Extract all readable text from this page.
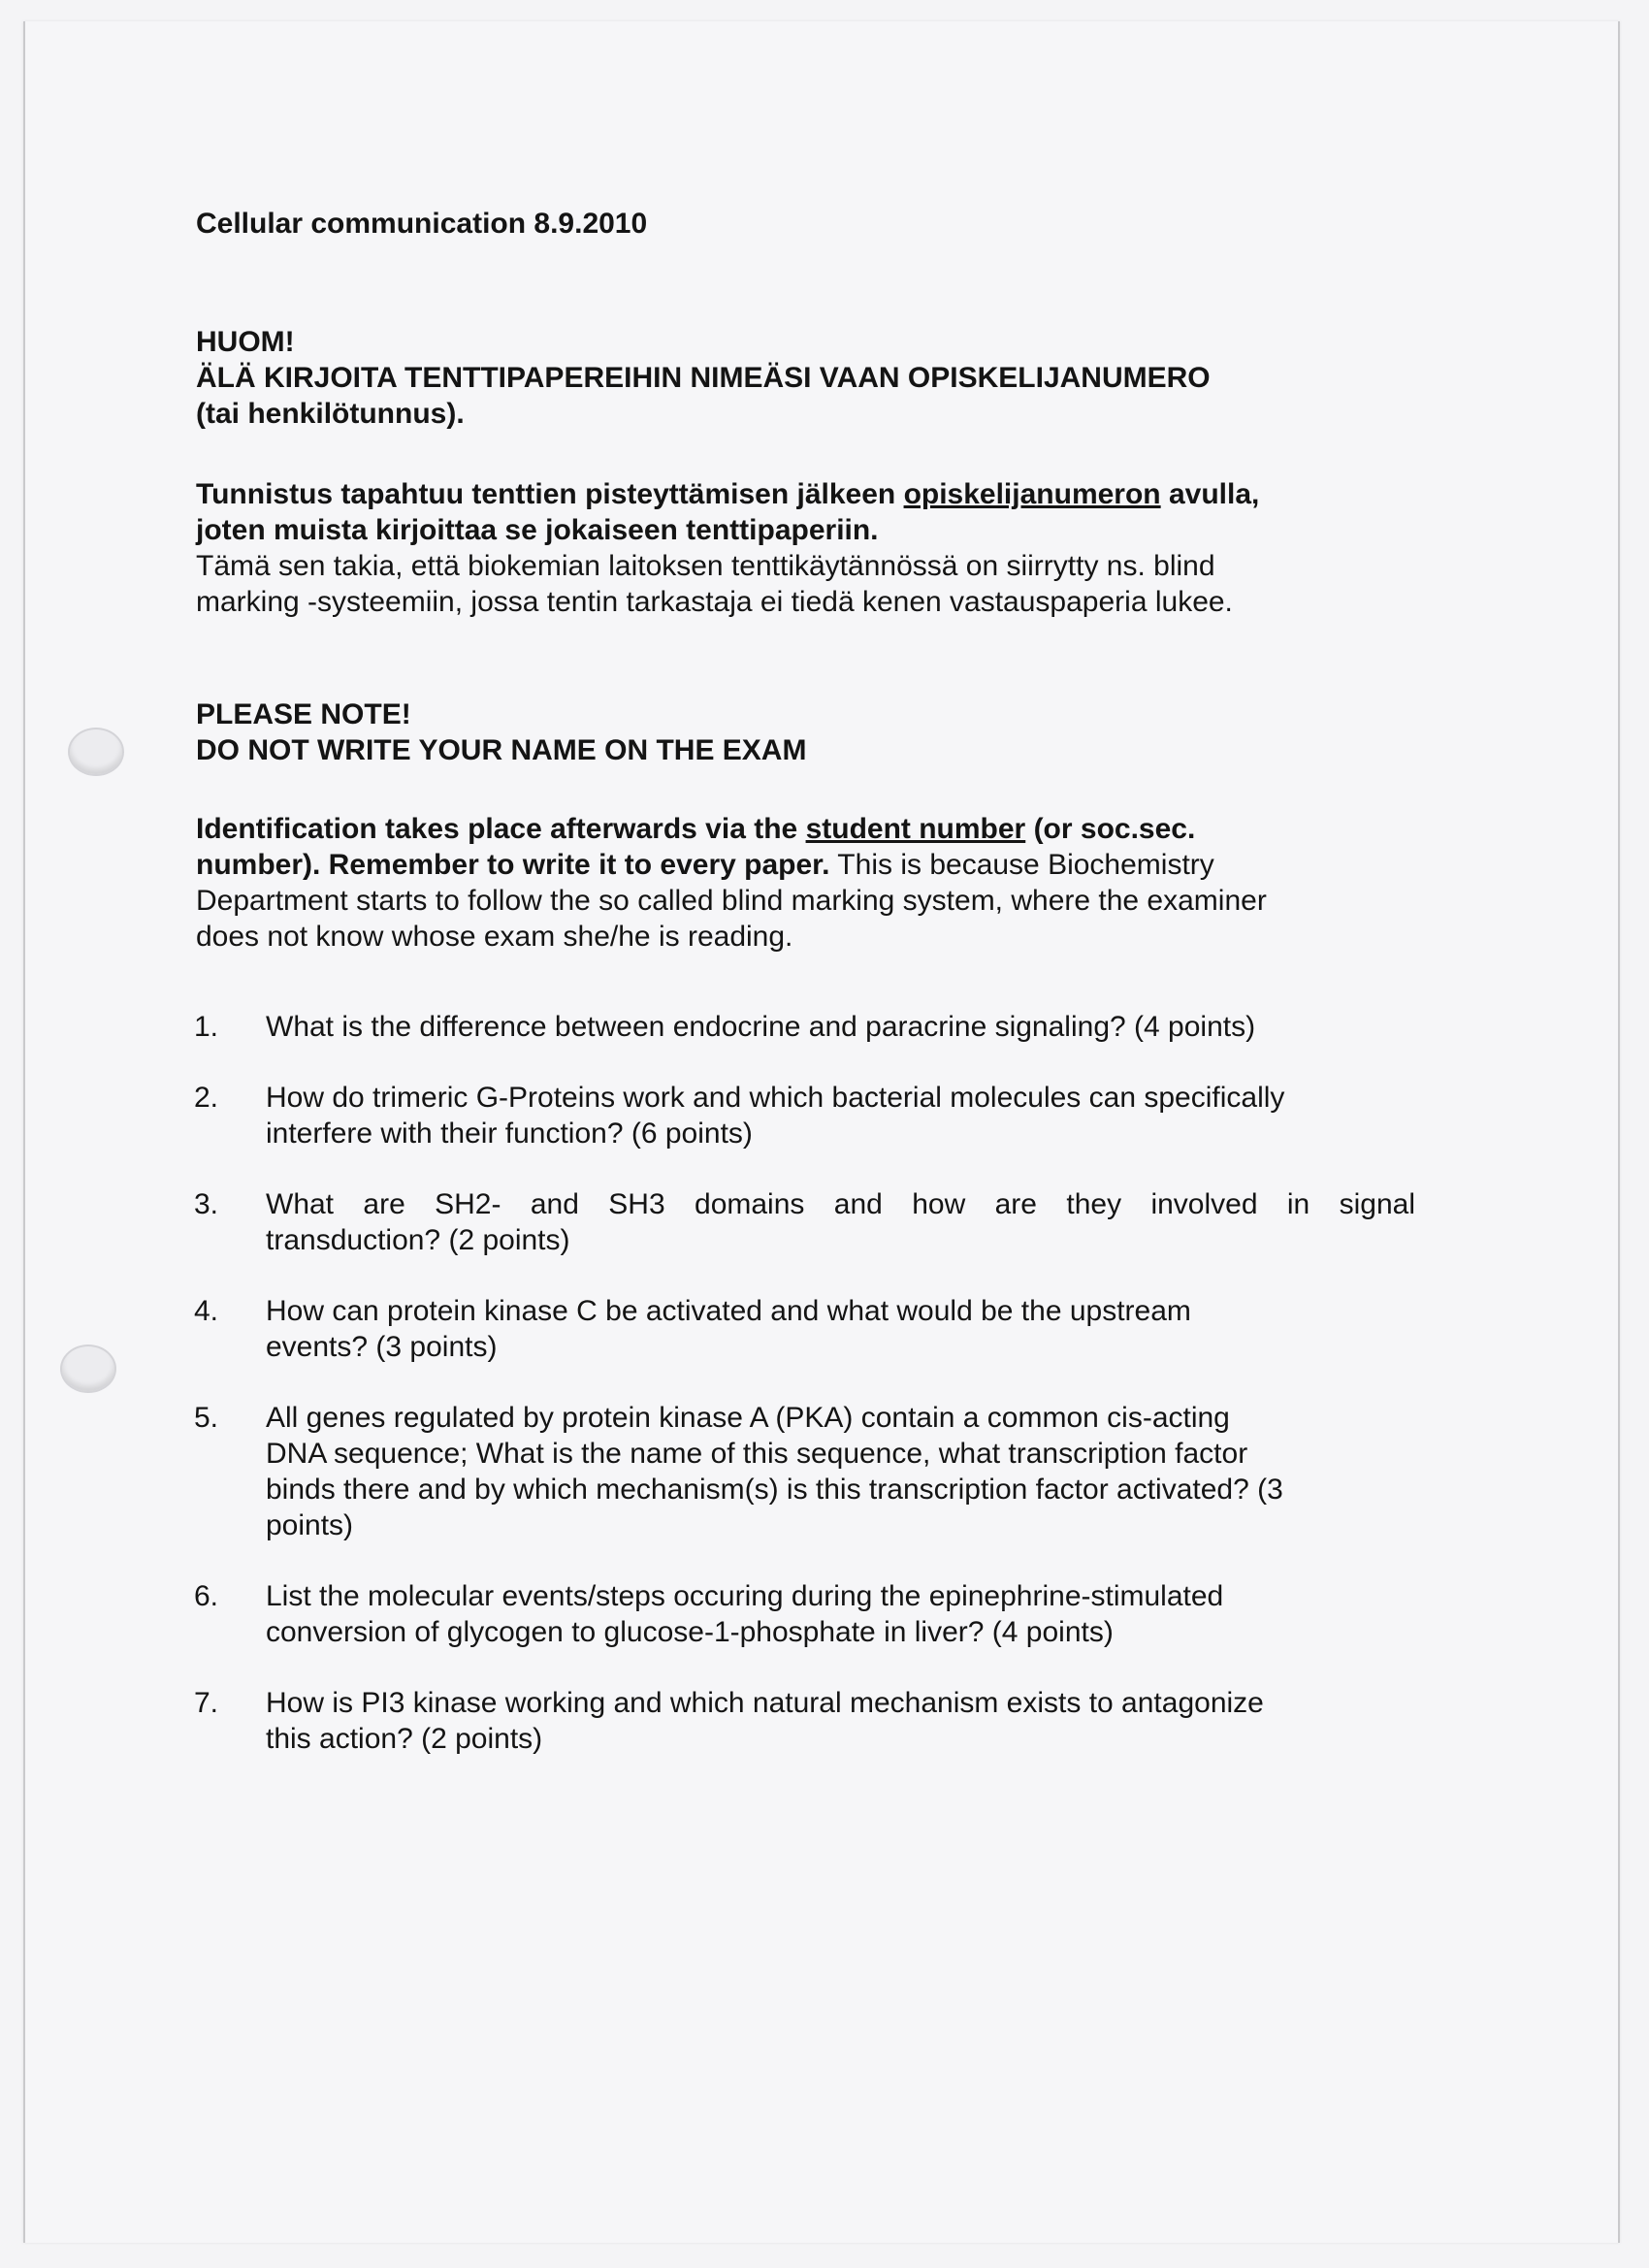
Cellular communication 8.9.2010

HUOM!

ÄLÄ KIRJOITA TENTTIPAPEREIHIN NIMEÄSI VAAN OPISKELIJANUMERO

(tai henkilötunnus).

Tunnistus tapahtuu tenttien pisteyttämisen jälkeen opiskelijanumeron avulla,

joten muista kirjoittaa se jokaiseen tenttipaperiin.

Tämä sen takia, että biokemian laitoksen tenttikäytännössä on siirrytty ns. blind

marking -systeemiin, jossa tentin tarkastaja ei tiedä kenen vastauspaperia lukee.

PLEASE NOTE!

DO NOT WRITE YOUR NAME ON THE EXAM

Identification takes place afterwards via the student number (or soc.sec.

number). Remember to write it to every paper. This is because Biochemistry

Department starts to follow the so called blind marking system, where the examiner

does not know whose exam she/he is reading.

1. What is the difference between endocrine and paracrine signaling? (4 points)
2. How do trimeric G-Proteins work and which bacterial molecules can specifically
interfere with their function? (6 points)
3. What are SH2- and SH3 domains and how are they involved in signal
transduction? (2 points)
4. How can protein kinase C be activated and what would be the upstream
events? (3 points)
5. All genes regulated by protein kinase A (PKA) contain a common cis-acting
DNA sequence; What is the name of this sequence, what transcription factor
binds there and by which mechanism(s) is this transcription factor activated? (3
points)
6. List the molecular events/steps occuring during the epinephrine-stimulated
conversion of glycogen to glucose-1-phosphate in liver? (4 points)
7. How is PI3 kinase working and which natural mechanism exists to antagonize
this action? (2 points)
